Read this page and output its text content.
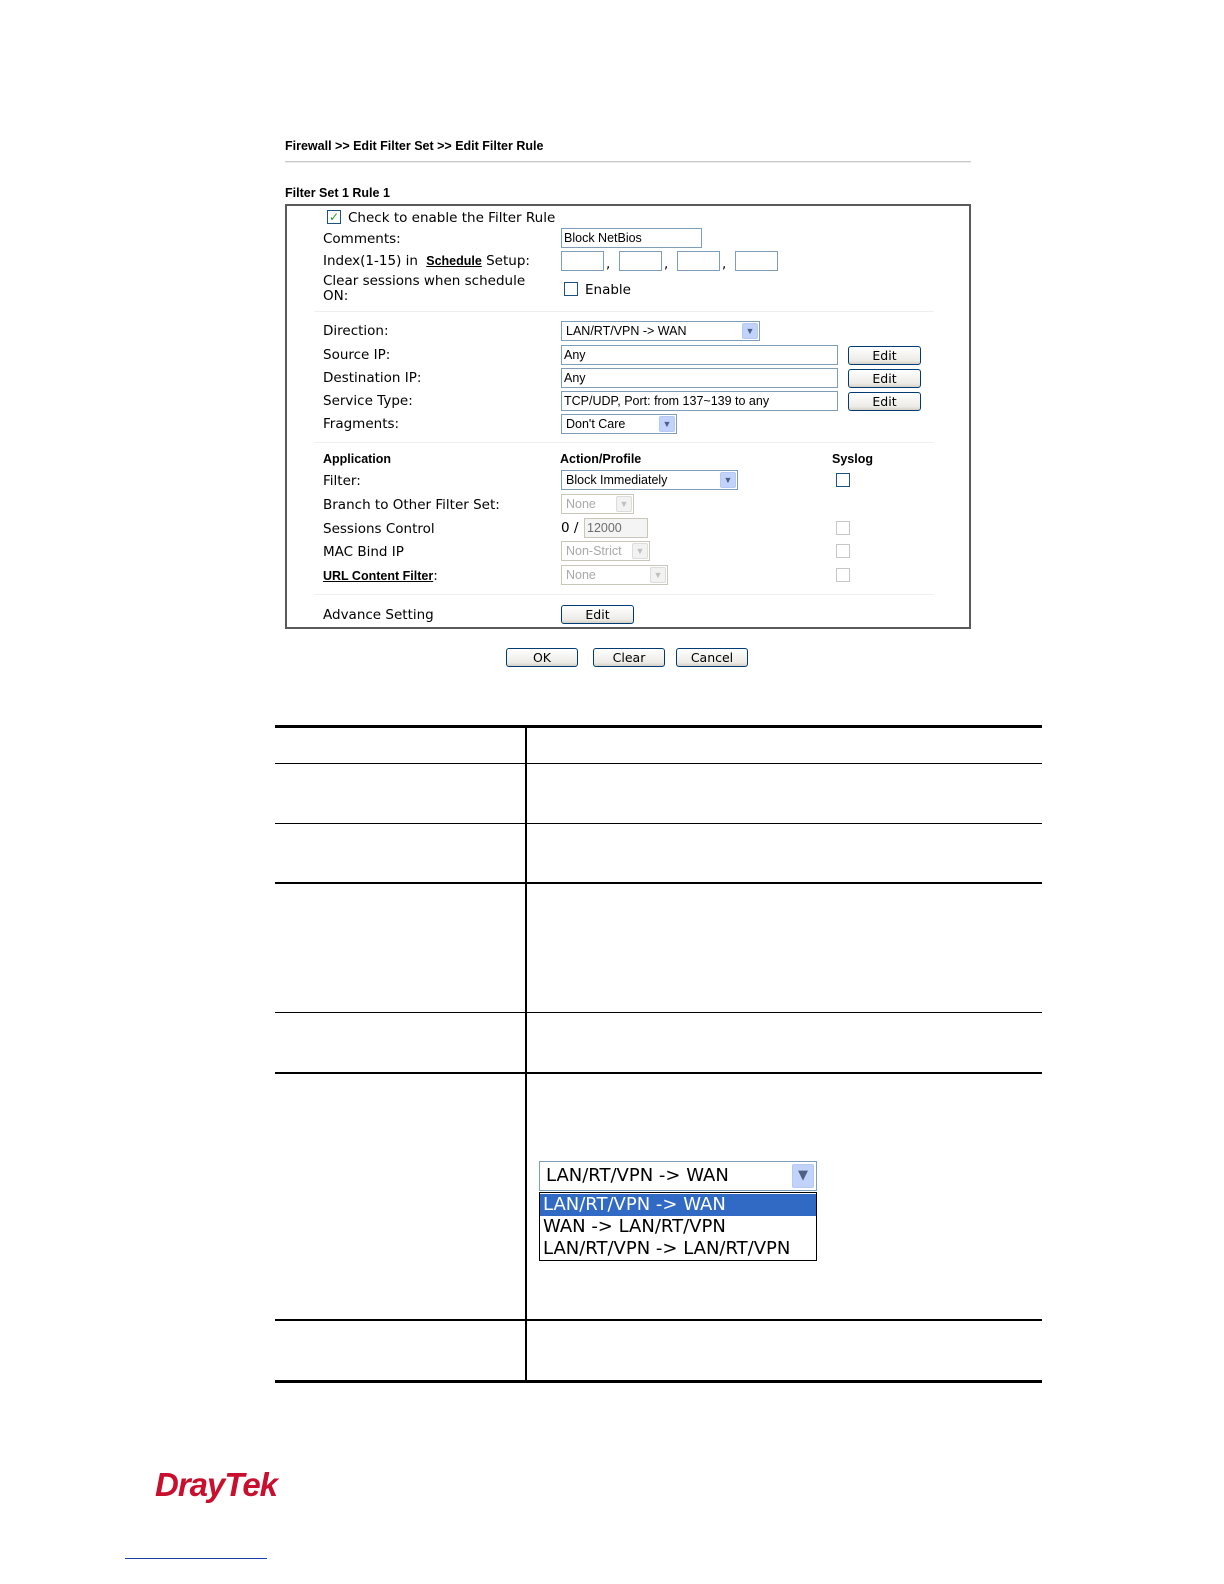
Firewall >> Edit Filter Set >> Edit Filter Rule
Filter Set 1 Rule 1
✓
Check to enable the Filter Rule
Comments:	Block NetBios
Index(1-15) in Schedule Setup:	,	,	,
Clear sessions when schedule
ON:	Enable
Direction:	LAN/RT/VPN -> WAN	▼
Source IP:	Any	Edit
Destination IP:	Any	Edit
Service Type:	TCP/UDP, Port: from 137~139 to any	Edit
Fragments:	Don't Care	▼
Application	Action/Profile	Syslog
Filter:	Block Immediately	▼
Branch to Other Filter Set:	None	▼
Sessions Control	0 / 12000
MAC Bind IP	Non-Strict	▼
URL Content Filter:	None	▼
Advance Setting	Edit
OK	Clear	Cancel
LAN/RT/VPN -> WAN	▼
LAN/RT/VPN -> WAN
WAN -> LAN/RT/VPN
LAN/RT/VPN -> LAN/RT/VPN
DrayTek
